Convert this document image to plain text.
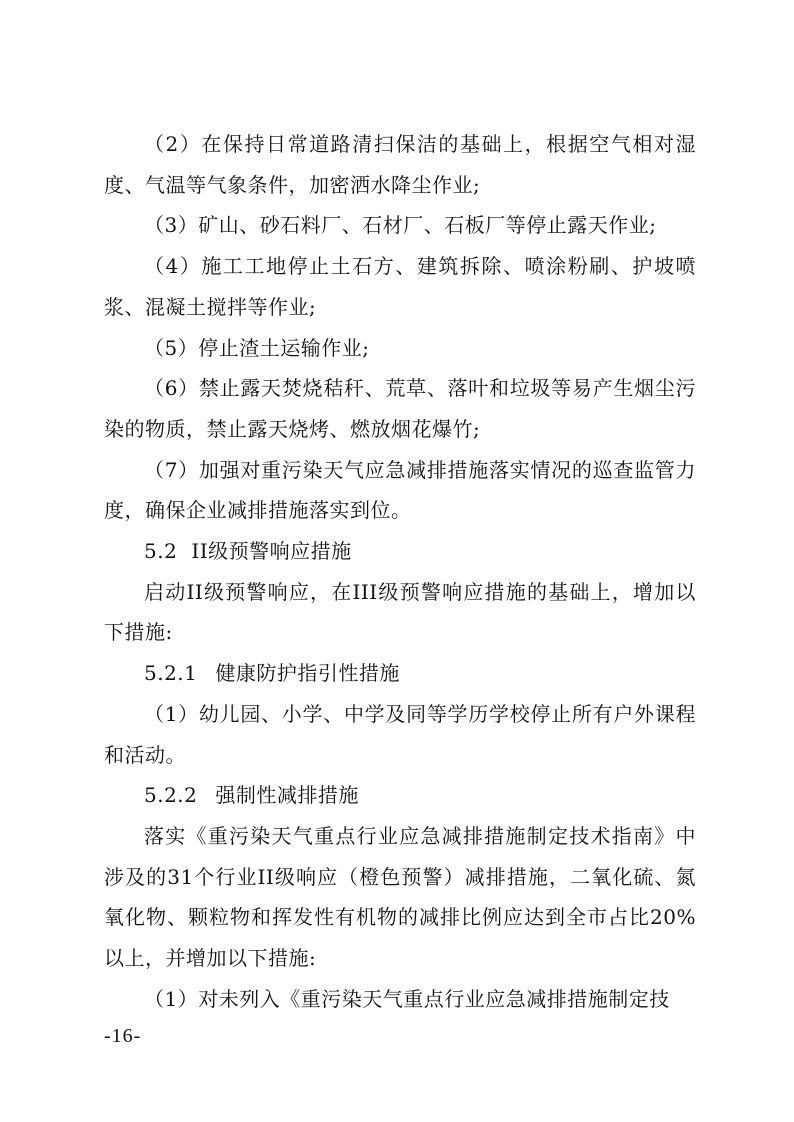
（2）在保持日常道路清扫保洁的基础上，根据空气相对湿度、气温等气象条件，加密洒水降尘作业;

（3）矿山、砂石料厂、石材厂、石板厂等停止露天作业;

（4）施工工地停止土石方、建筑拆除、喷涂粉刷、护坡喷浆、混凝土搅拌等作业;

（5）停止渣土运输作业;

（6）禁止露天焚烧秸秆、荒草、落叶和垃圾等易产生烟尘污染的物质，禁止露天烧烤、燃放烟花爆竹;

（7）加强对重污染天气应急减排措施落实情况的巡查监管力度，确保企业减排措施落实到位。

5.2 II级预警响应措施

启动II级预警响应，在III级预警响应措施的基础上，增加以下措施:

5.2.1 健康防护指引性措施

（1）幼儿园、小学、中学及同等学历学校停止所有户外课程和活动。

5.2.2 强制性减排措施

落实《重污染天气重点行业应急减排措施制定技术指南》中涉及的31个行业II级响应（橙色预警）减排措施，二氧化硫、氮氧化物、颗粒物和挥发性有机物的减排比例应达到全市占比20%以上，并增加以下措施:

（1）对未列入《重污染天气重点行业应急减排措施制定技

-16-
